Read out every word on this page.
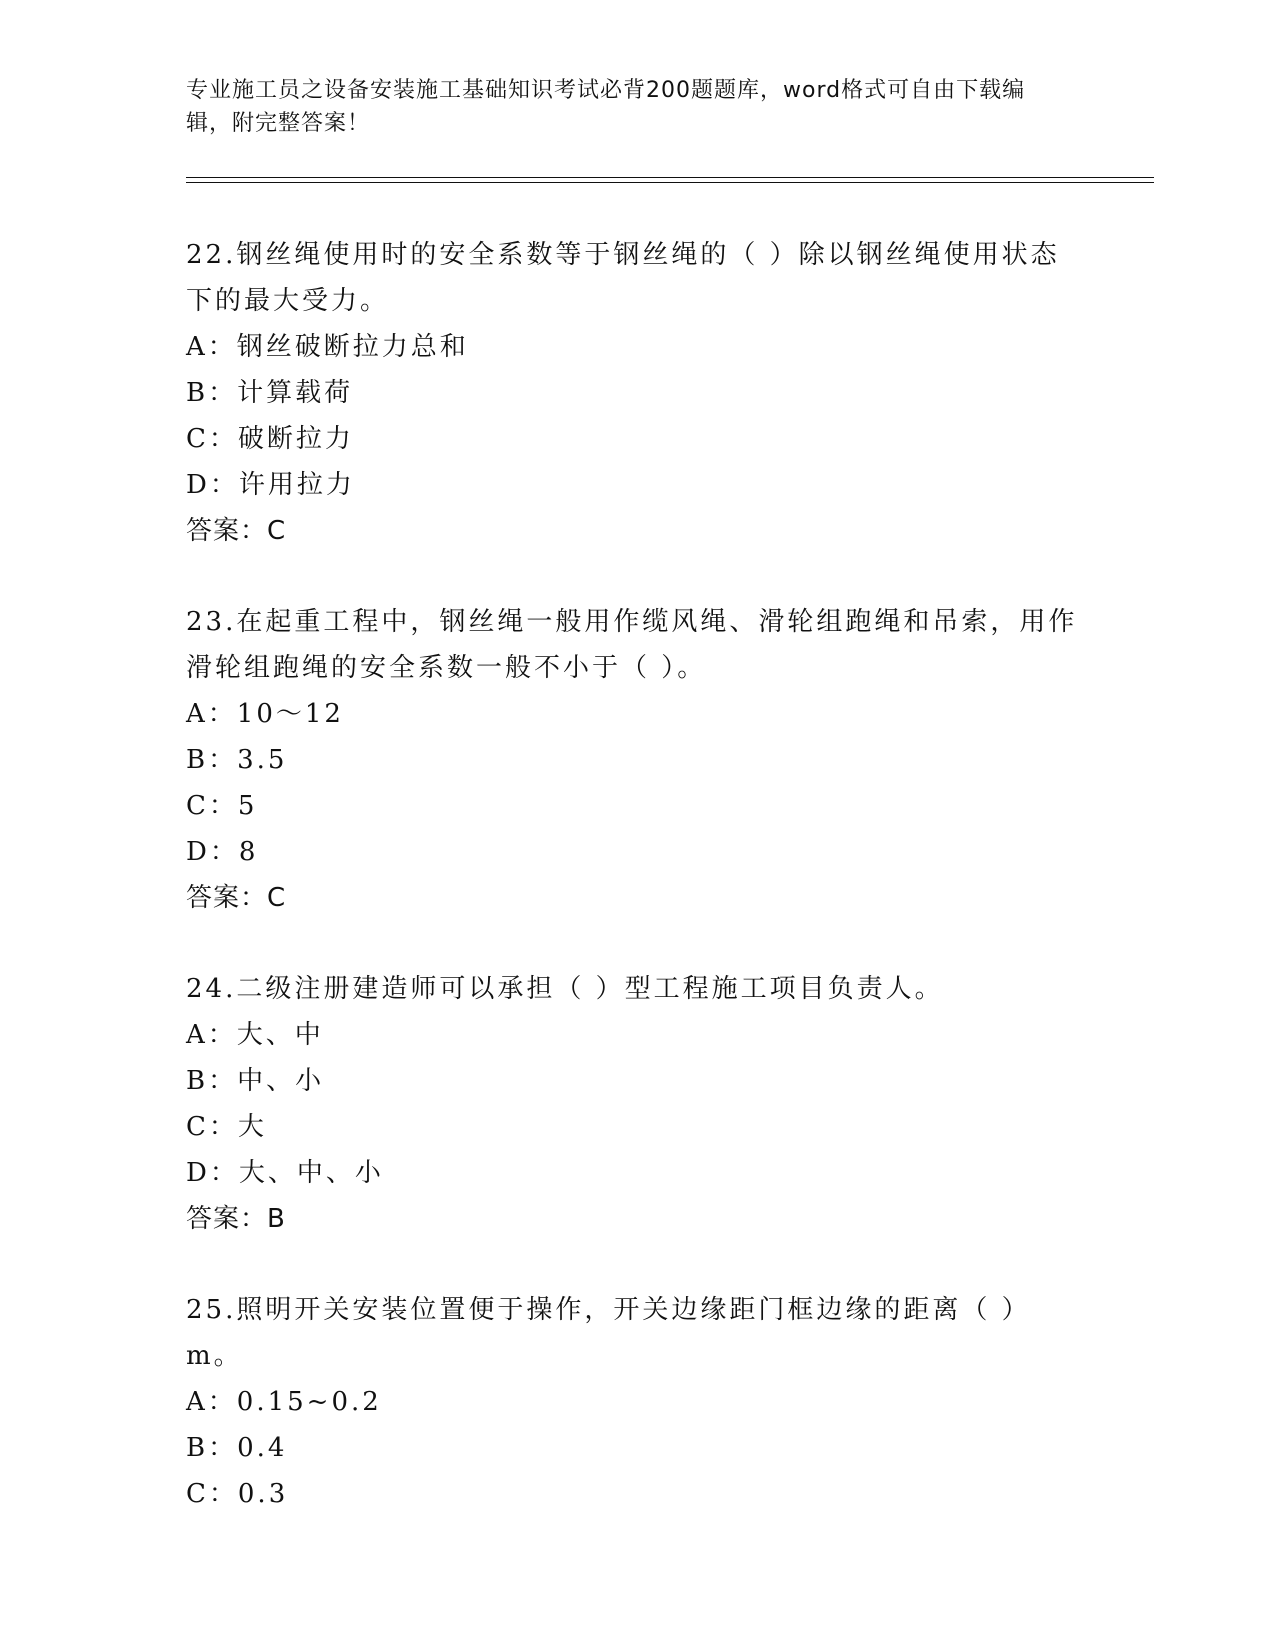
专业施工员之设备安装施工基础知识考试必背200题题库，word格式可自由下载编辑，附完整答案！

22.钢丝绳使用时的安全系数等于钢丝绳的（ ）除以钢丝绳使用状态下的最大受力。

A：钢丝破断拉力总和

B：计算载荷

C：破断拉力

D：许用拉力

答案：C

23.在起重工程中，钢丝绳一般用作缆风绳、滑轮组跑绳和吊索，用作滑轮组跑绳的安全系数一般不小于（ ）。

A：10～12

B：3.5

C：5

D：8

答案：C

24.二级注册建造师可以承担（ ）型工程施工项目负责人。

A：大、中

B：中、小

C：大

D：大、中、小

答案：B

25.照明开关安装位置便于操作，开关边缘距门框边缘的距离（ ）m。

A：0.15~0.2

B：0.4

C：0.3
